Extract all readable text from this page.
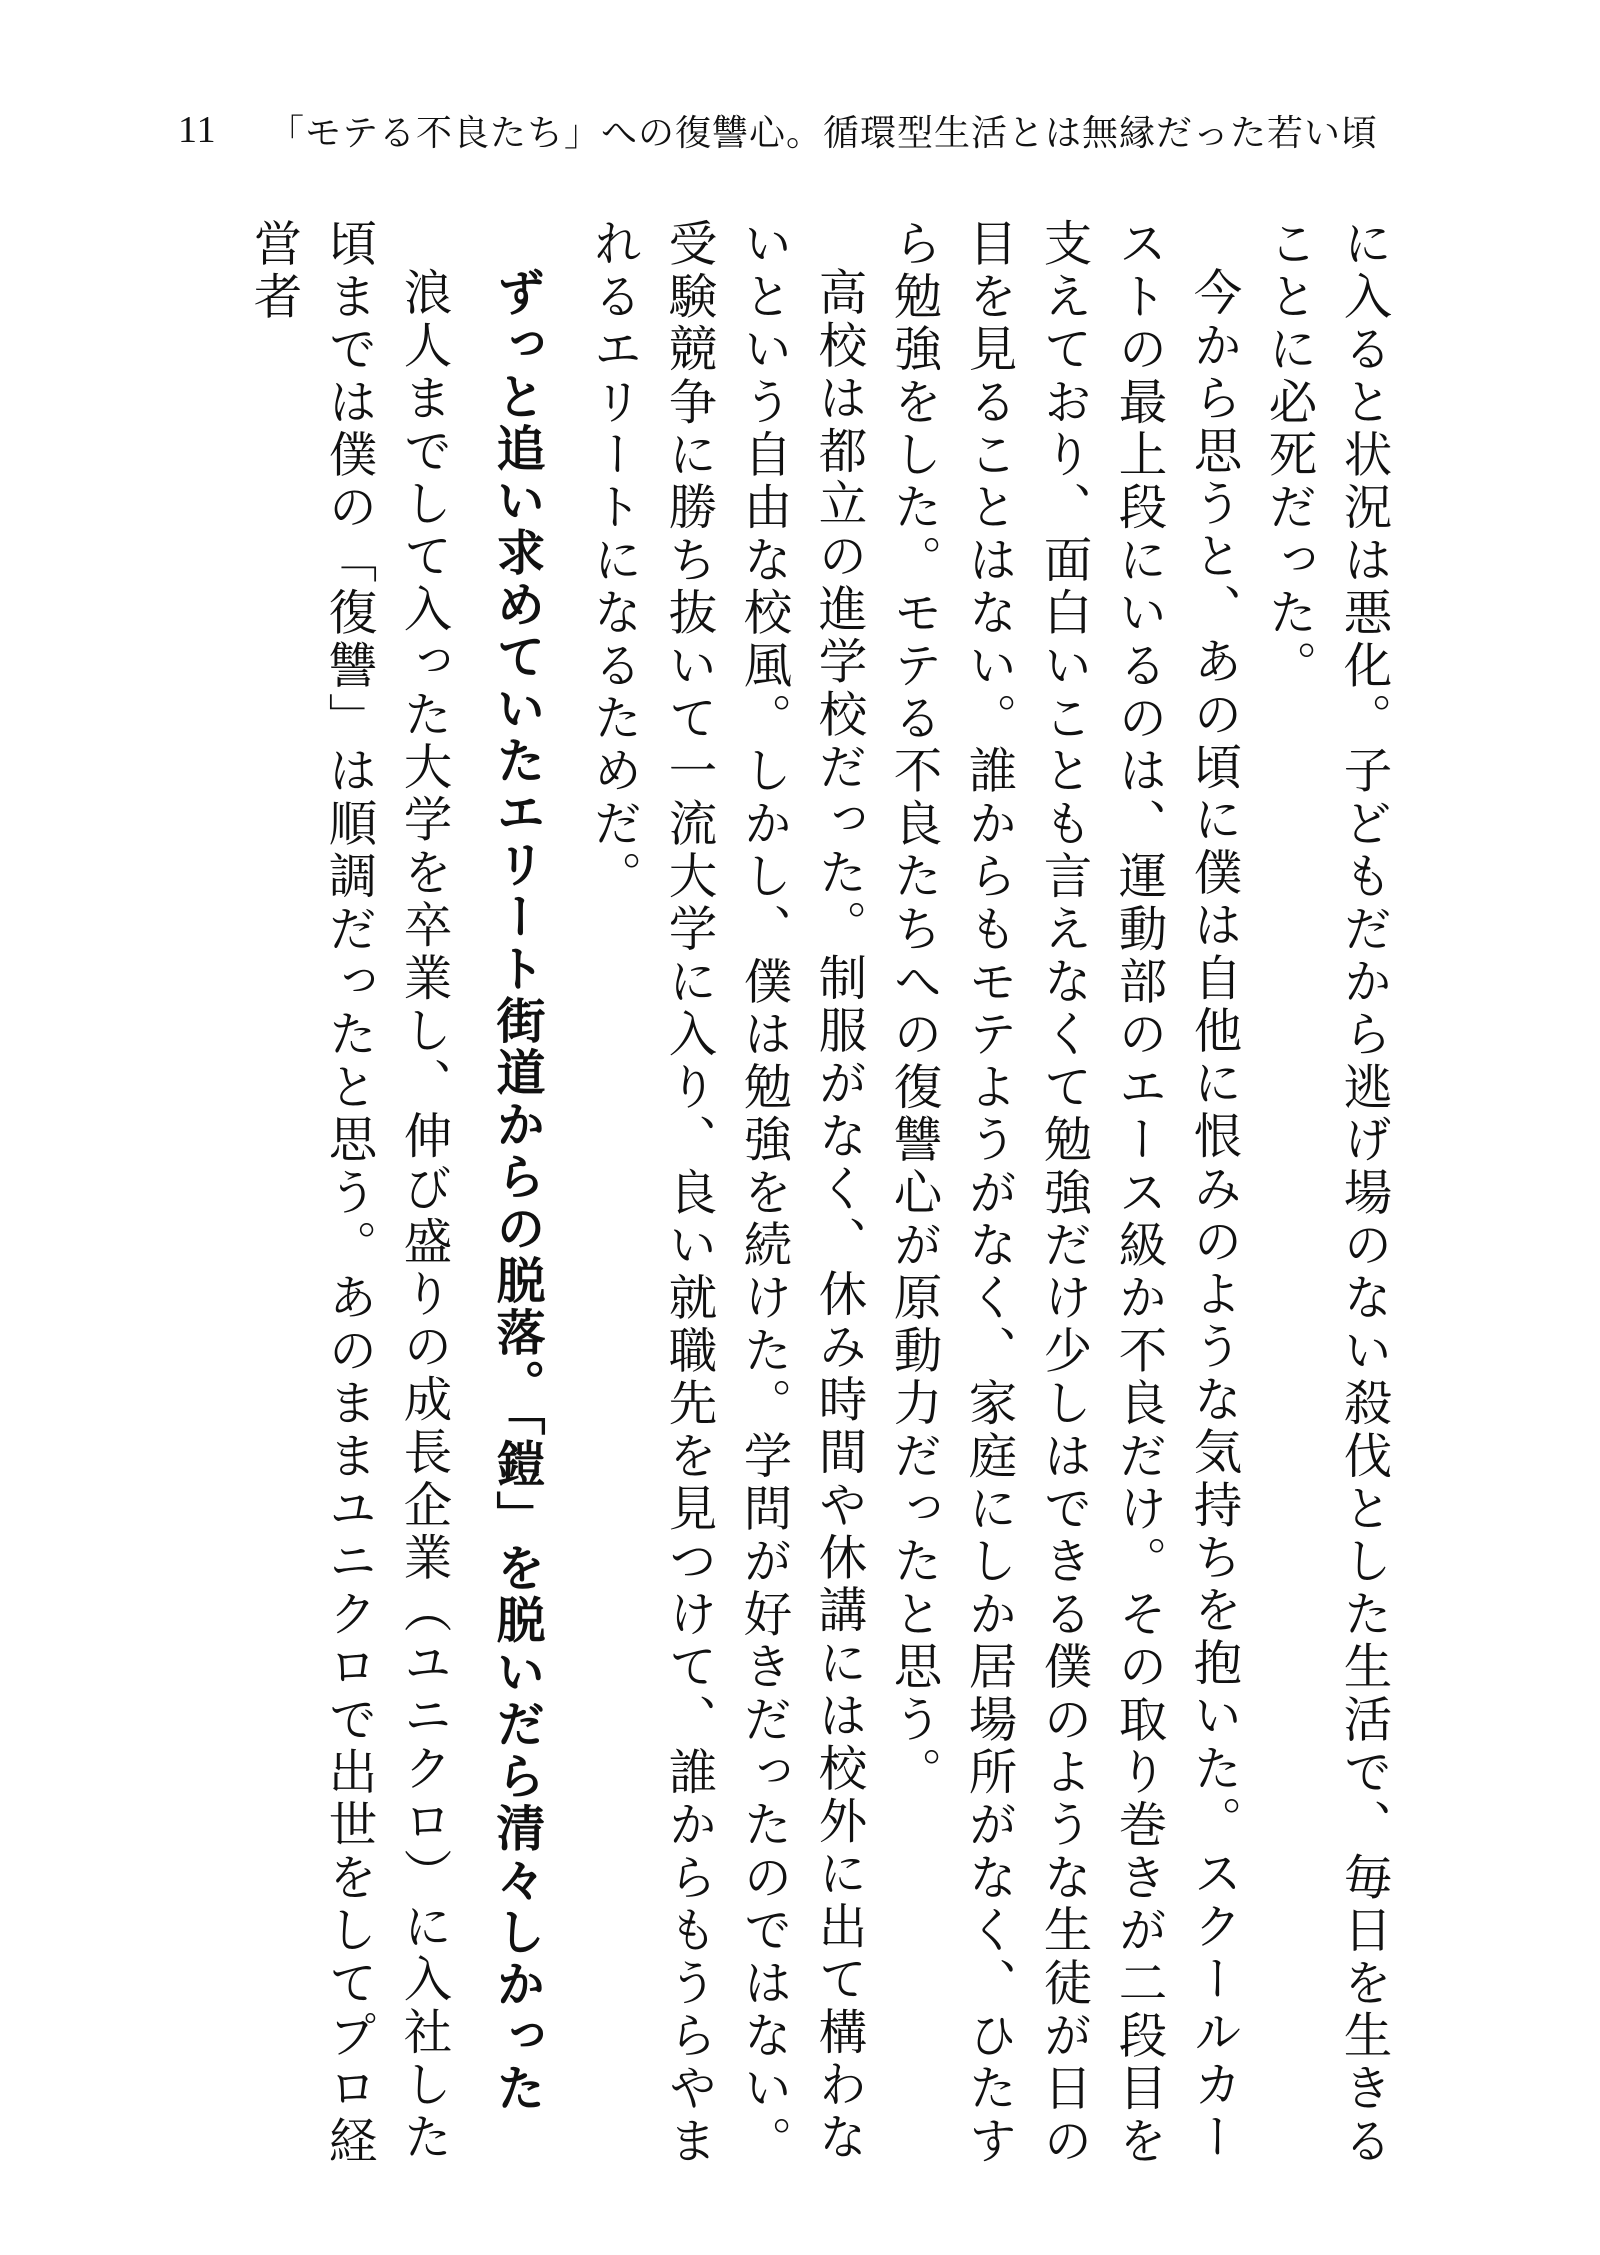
11	「モテる不良たち」への復讐心。循環型生活とは無縁だった若い頃

に入ると状況は悪化。子どもだから逃げ場のない殺伐とした生活で、毎日を生きることに必死だった。

今から思うと、あの頃に僕は自他に恨みのような気持ちを抱いた。スクールカーストの最上段にいるのは、運動部のエース級か不良だけ。その取り巻きが二段目を支えており、面白いことも言えなくて勉強だけ少しはできる僕のような生徒が日の目を見ることはない。誰からもモテようがなく、家庭にしか居場所がなく、ひたすら勉強をした。モテる不良たちへの復讐心が原動力だったと思う。

高校は都立の進学校だった。制服がなく、休み時間や休講には校外に出て構わないという自由な校風。しかし、僕は勉強を続けた。学問が好きだったのではない。受験競争に勝ち抜いて一流大学に入り、良い就職先を見つけて、誰からもうらやまれるエリートになるためだ。

ずっと追い求めていたエリート街道からの脱落。「鎧」を脱いだら清々しかった

浪人までして入った大学を卒業し、伸び盛りの成長企業（ユニクロ）に入社した頃までは僕の「復讐」は順調だったと思う。あのままユニクロで出世をしてプロ経営者
